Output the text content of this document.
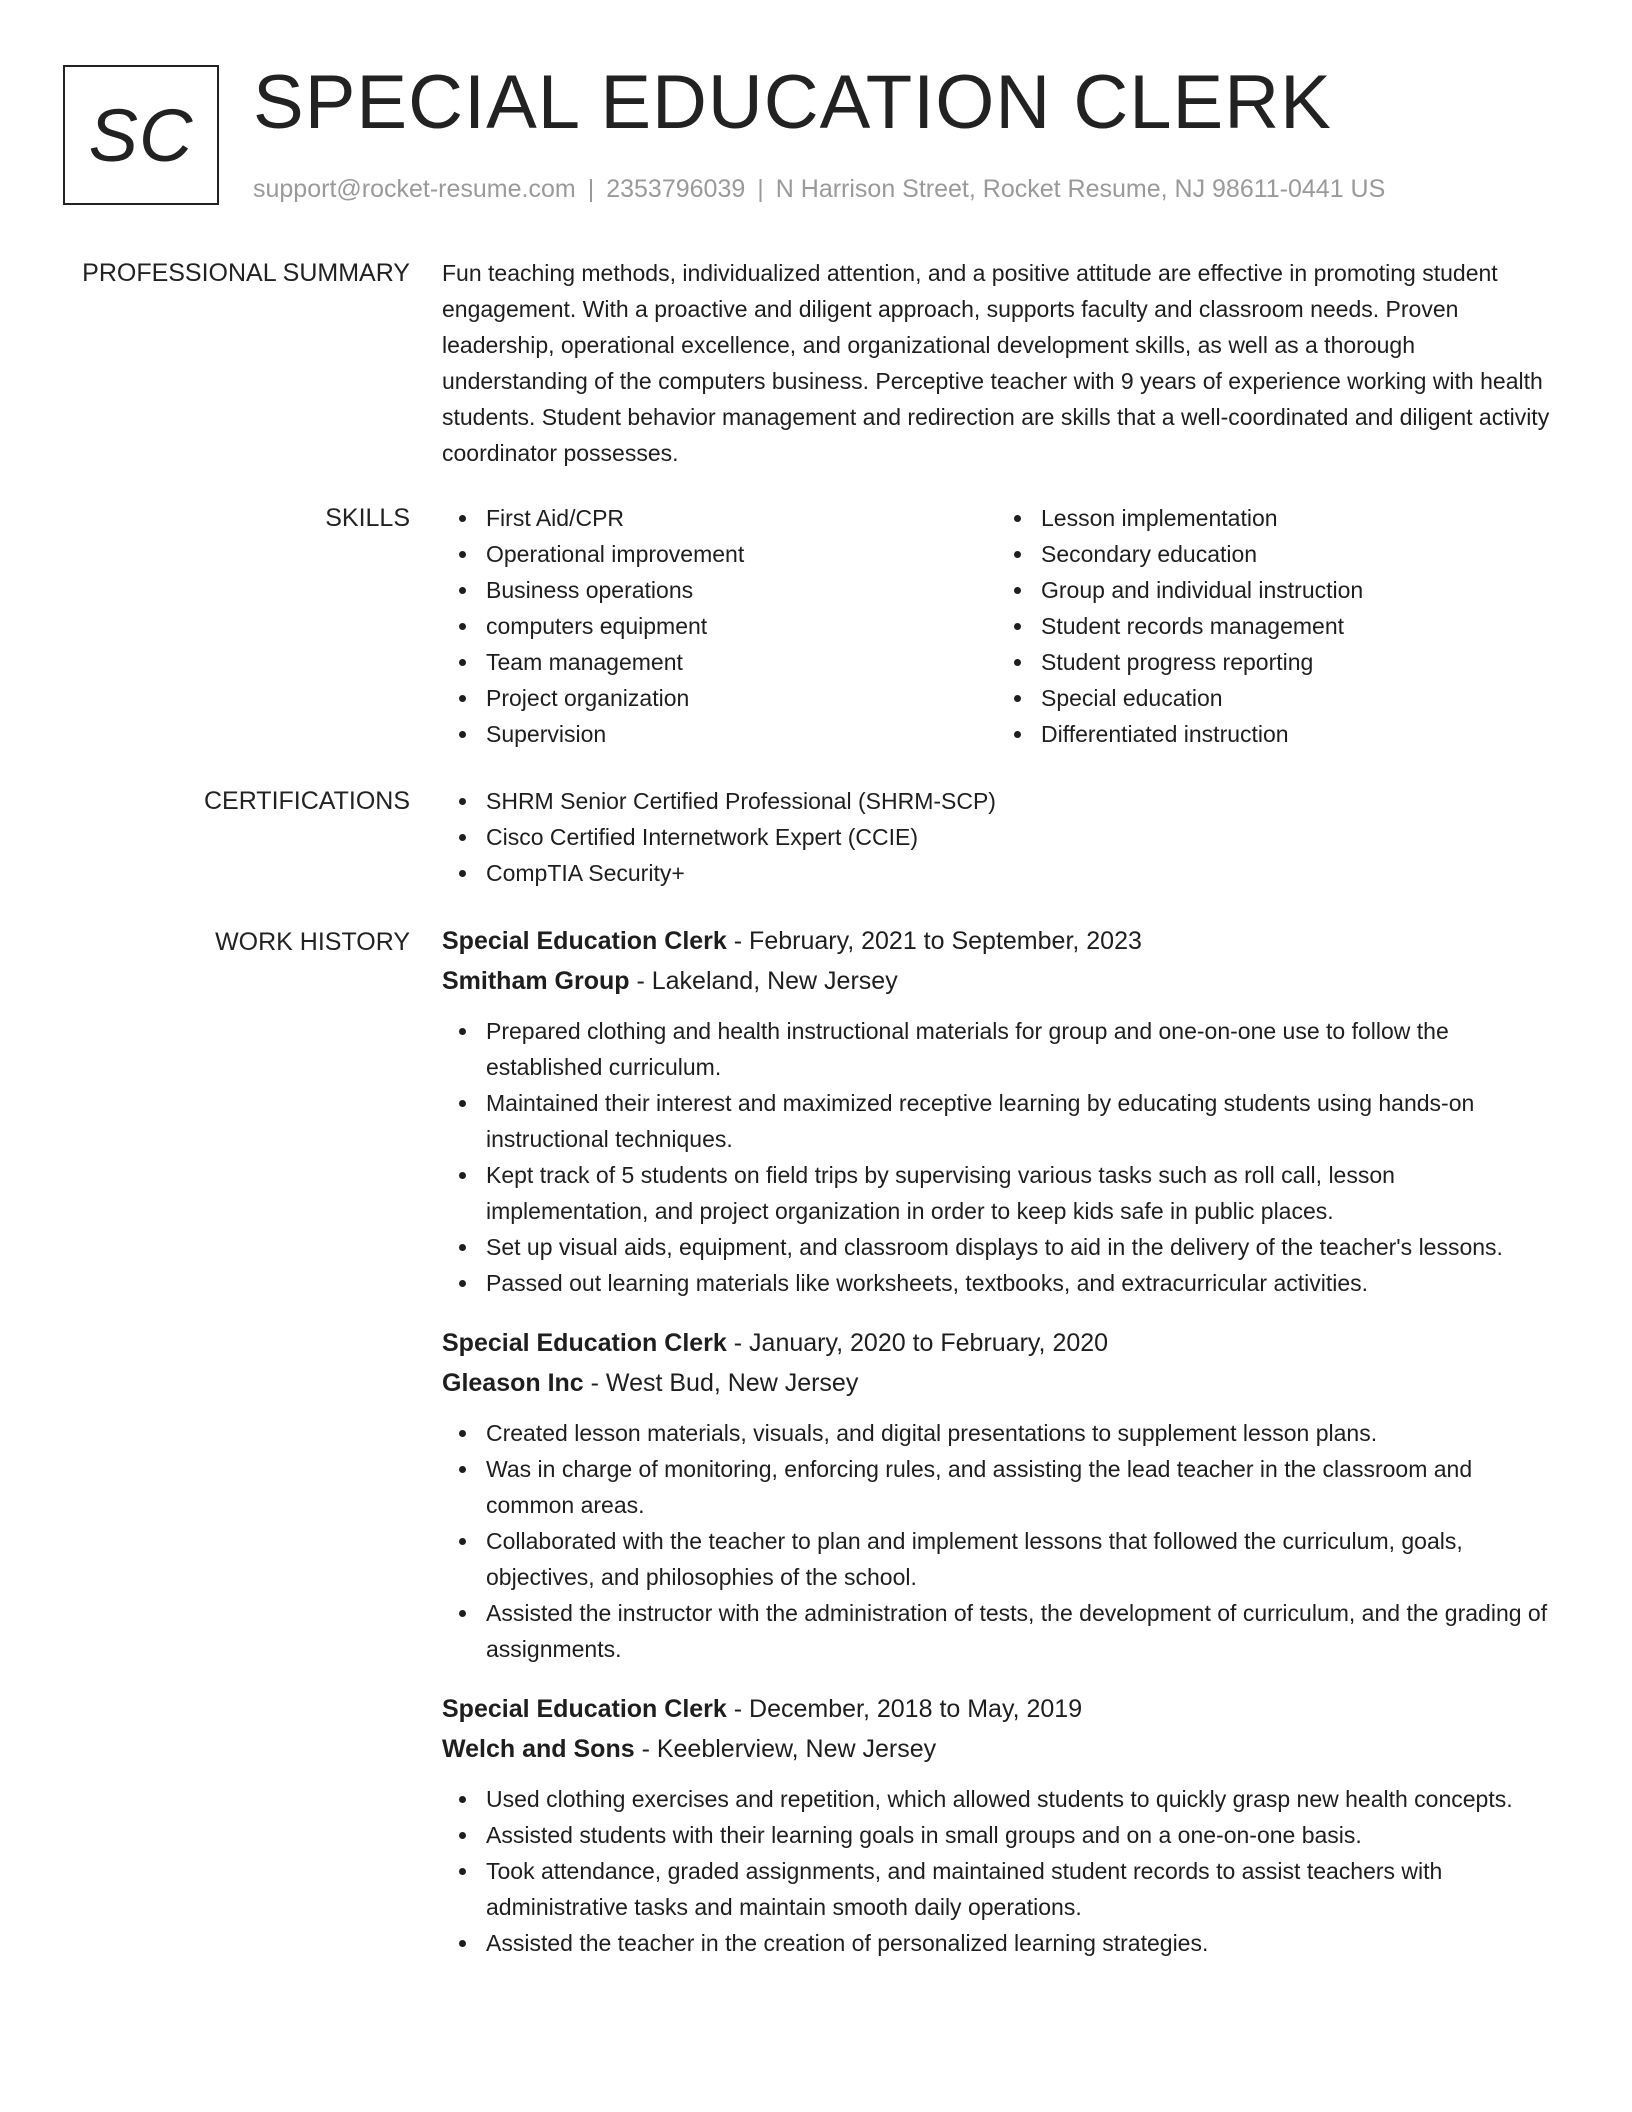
SC SPECIAL EDUCATION CLERK
support@rocket-resume.com | 2353796039 | N Harrison Street, Rocket Resume, NJ 98611-0441 US
PROFESSIONAL SUMMARY Fun teaching methods, individualized attention, and a positive attitude are effective in promoting student engagement. With a proactive and diligent approach, supports faculty and classroom needs. Proven leadership, operational excellence, and organizational development skills, as well as a thorough understanding of the computers business. Perceptive teacher with 9 years of experience working with health students. Student behavior management and redirection are skills that a well-coordinated and diligent activity coordinator possesses.

SKILLS	First Aid/CPR
Operational improvement
Business operations
computers equipment
Team management
Project organization
Supervision
Lesson implementation
Secondary education
Group and individual instruction
Student records management
Student progress reporting
Special education
Differentiated instruction
CERTIFICATIONS	SHRM Senior Certified Professional (SHRM-SCP)
Cisco Certified Internetwork Expert (CCIE)
CompTIA Security+
WORK HISTORY Special Education Clerk - February, 2021 to September, 2023
Smitham Group - Lakeland, New Jersey
Prepared clothing and health instructional materials for group and one-on-one use to follow the established curriculum.
Maintained their interest and maximized receptive learning by educating students using hands-on instructional techniques.
Kept track of 5 students on field trips by supervising various tasks such as roll call, lesson implementation, and project organization in order to keep kids safe in public places.
Set up visual aids, equipment, and classroom displays to aid in the delivery of the teacher's lessons.
Passed out learning materials like worksheets, textbooks, and extracurricular activities.
Special Education Clerk - January, 2020 to February, 2020
Gleason Inc - West Bud, New Jersey
Created lesson materials, visuals, and digital presentations to supplement lesson plans.
Was in charge of monitoring, enforcing rules, and assisting the lead teacher in the classroom and common areas.
Collaborated with the teacher to plan and implement lessons that followed the curriculum, goals, objectives, and philosophies of the school.
Assisted the instructor with the administration of tests, the development of curriculum, and the grading of assignments.
Special Education Clerk - December, 2018 to May, 2019
Welch and Sons - Keeblerview, New Jersey
Used clothing exercises and repetition, which allowed students to quickly grasp new health concepts.
Assisted students with their learning goals in small groups and on a one-on-one basis.
Took attendance, graded assignments, and maintained student records to assist teachers with administrative tasks and maintain smooth daily operations.
Assisted the teacher in the creation of personalized learning strategies.
